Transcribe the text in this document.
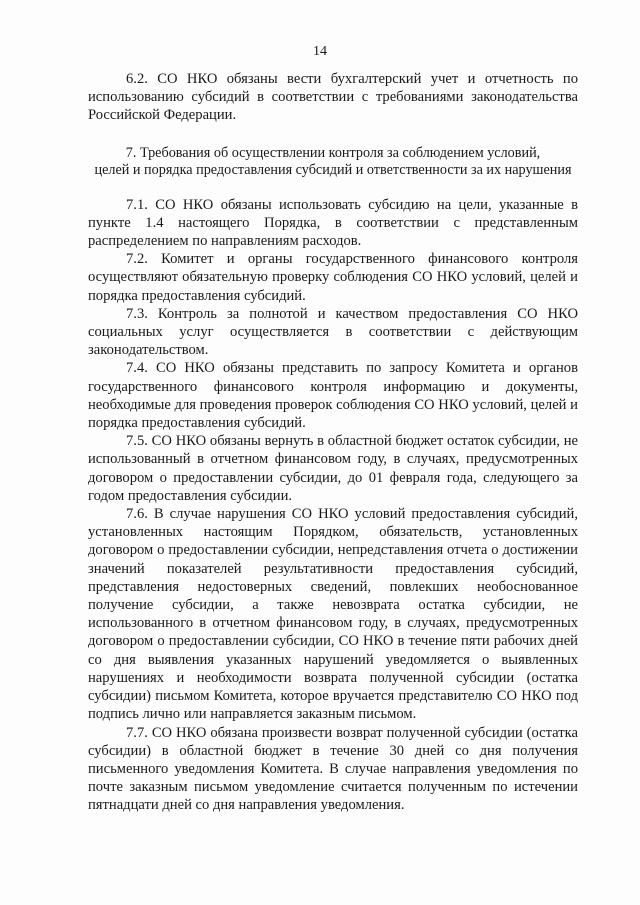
14

6.2. СО НКО обязаны вести бухгалтерский учет и отчетность по использованию субсидий в соответствии с требованиями законодательства Российской Федерации.

7. Требования об осуществлении контроля за соблюдением условий,
целей и порядка предоставления субсидий и ответственности за их нарушения

7.1. СО НКО обязаны использовать субсидию на цели, указанные в пункте 1.4 настоящего Порядка, в соответствии с представленным распределением по направлениям расходов.

7.2. Комитет и органы государственного финансового контроля осуществляют обязательную проверку соблюдения СО НКО условий, целей и порядка предоставления субсидий.

7.3. Контроль за полнотой и качеством предоставления СО НКО социальных услуг осуществляется в соответствии с действующим законодательством.

7.4. СО НКО обязаны представить по запросу Комитета и органов государственного финансового контроля информацию и документы, необходимые для проведения проверок соблюдения СО НКО условий, целей и порядка предоставления субсидий.

7.5. СО НКО обязаны вернуть в областной бюджет остаток субсидии, не использованный в отчетном финансовом году, в случаях, предусмотренных договором о предоставлении субсидии, до 01 февраля года, следующего за годом предоставления субсидии.

7.6. В случае нарушения СО НКО условий предоставления субсидий, установленных настоящим Порядком, обязательств, установленных договором о предоставлении субсидии, непредставления отчета о достижении значений показателей результативности предоставления субсидий, представления недостоверных сведений, повлекших необоснованное получение субсидии, а также невозврата остатка субсидии, не использованного в отчетном финансовом году, в случаях, предусмотренных договором о предоставлении субсидии, СО НКО в течение пяти рабочих дней со дня выявления указанных нарушений уведомляется о выявленных нарушениях и необходимости возврата полученной субсидии (остатка субсидии) письмом Комитета, которое вручается представителю СО НКО под подпись лично или направляется заказным письмом.

7.7. СО НКО обязана произвести возврат полученной субсидии (остатка субсидии) в областной бюджет в течение 30 дней со дня получения письменного уведомления Комитета. В случае направления уведомления по почте заказным письмом уведомление считается полученным по истечении пятнадцати дней со дня направления уведомления.
